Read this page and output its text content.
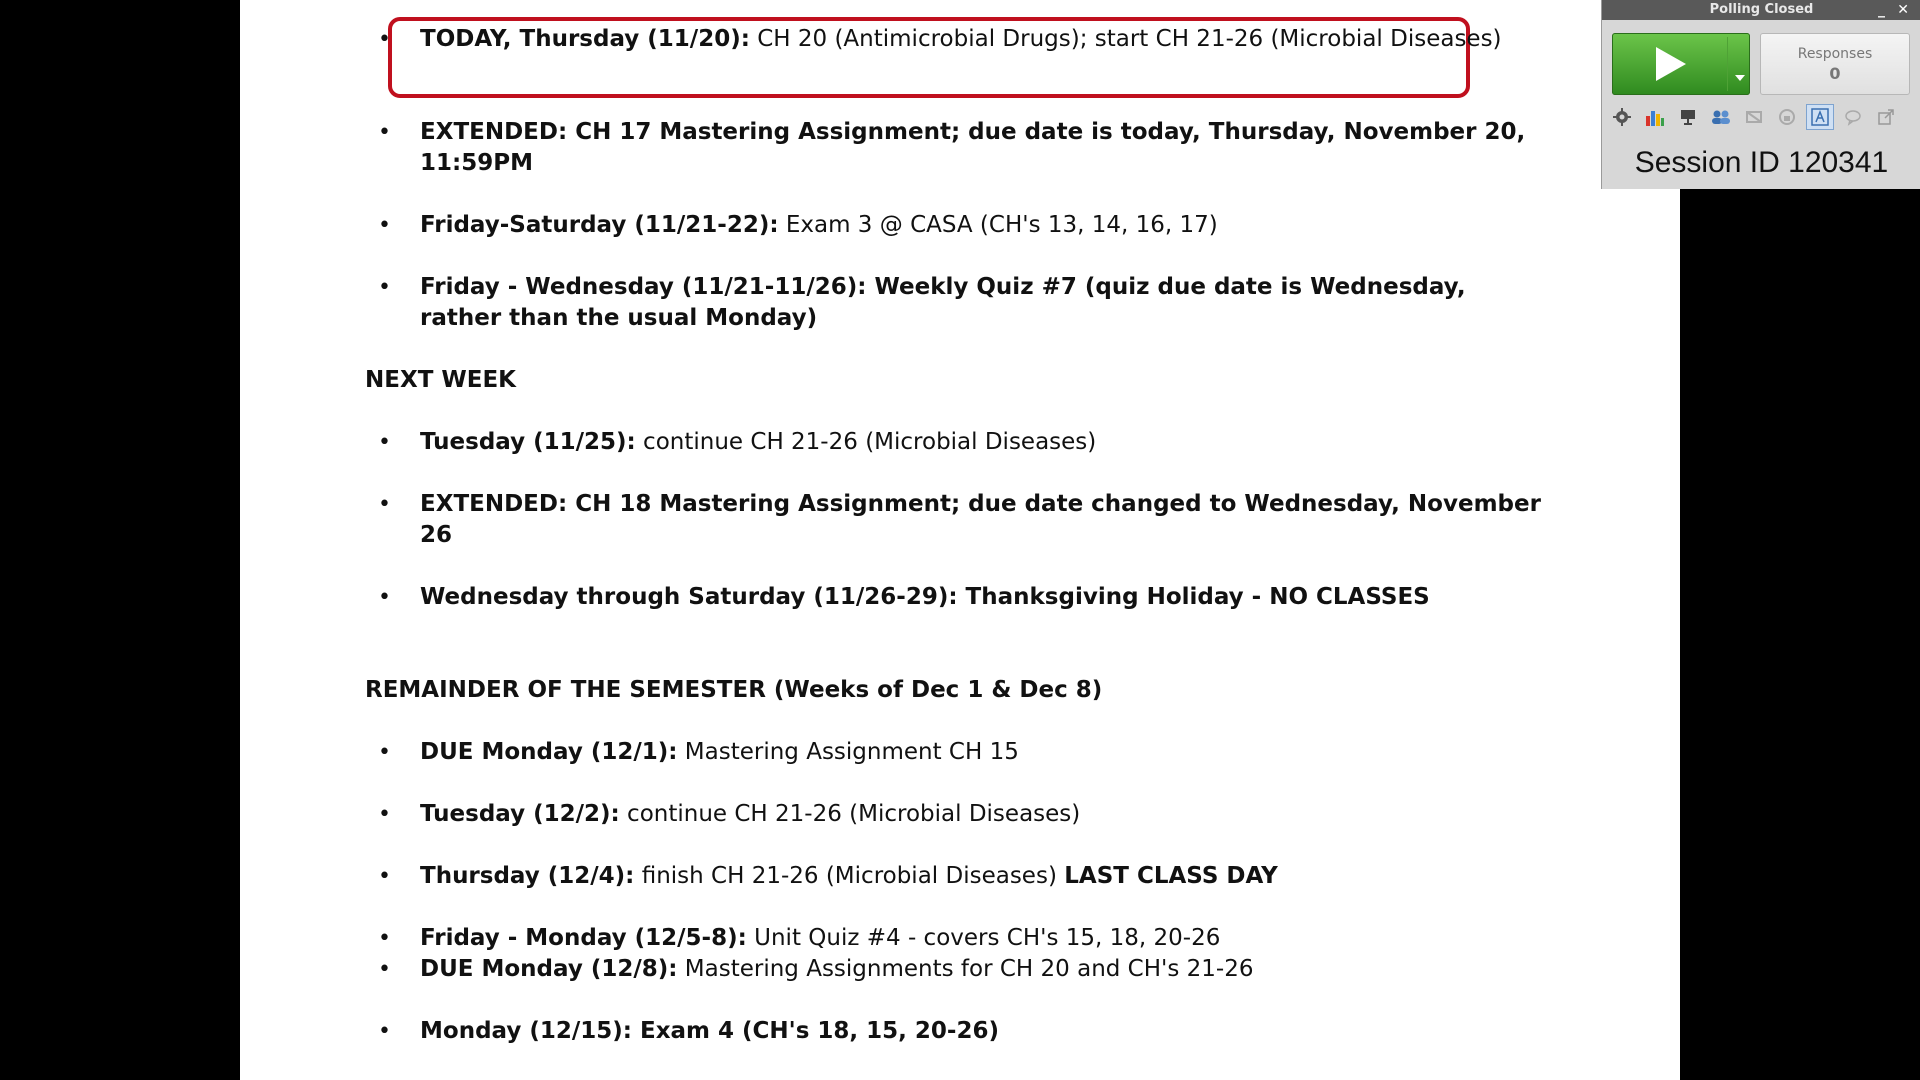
• TODAY, Thursday (11/20): CH 20 (Antimicrobial Drugs); start CH 21-26 (Microbial Diseases)
• EXTENDED: CH 17 Mastering Assignment; due date is today, Thursday, November 20, 11:59PM
• Friday-Saturday (11/21-22): Exam 3 @ CASA (CH's 13, 14, 16, 17)
• Friday - Wednesday (11/21-11/26): Weekly Quiz #7 (quiz due date is Wednesday, rather than the usual Monday)
NEXT WEEK
• Tuesday (11/25): continue CH 21-26 (Microbial Diseases)
• EXTENDED: CH 18 Mastering Assignment; due date changed to Wednesday, November 26
• Wednesday through Saturday (11/26-29): Thanksgiving Holiday - NO CLASSES
REMAINDER OF THE SEMESTER (Weeks of Dec 1 & Dec 8)
• DUE Monday (12/1): Mastering Assignment CH 15
• Tuesday (12/2): continue CH 21-26 (Microbial Diseases)
• Thursday (12/4): finish CH 21-26 (Microbial Diseases) LAST CLASS DAY
• Friday - Monday (12/5-8): Unit Quiz #4 - covers CH's 15, 18, 20-26
• DUE Monday (12/8): Mastering Assignments for CH 20 and CH's 21-26
• Monday (12/15): Exam 4 (CH's 18, 15, 20-26)
Polling Closed	_ ✕
Responses
0
Session ID 120341
